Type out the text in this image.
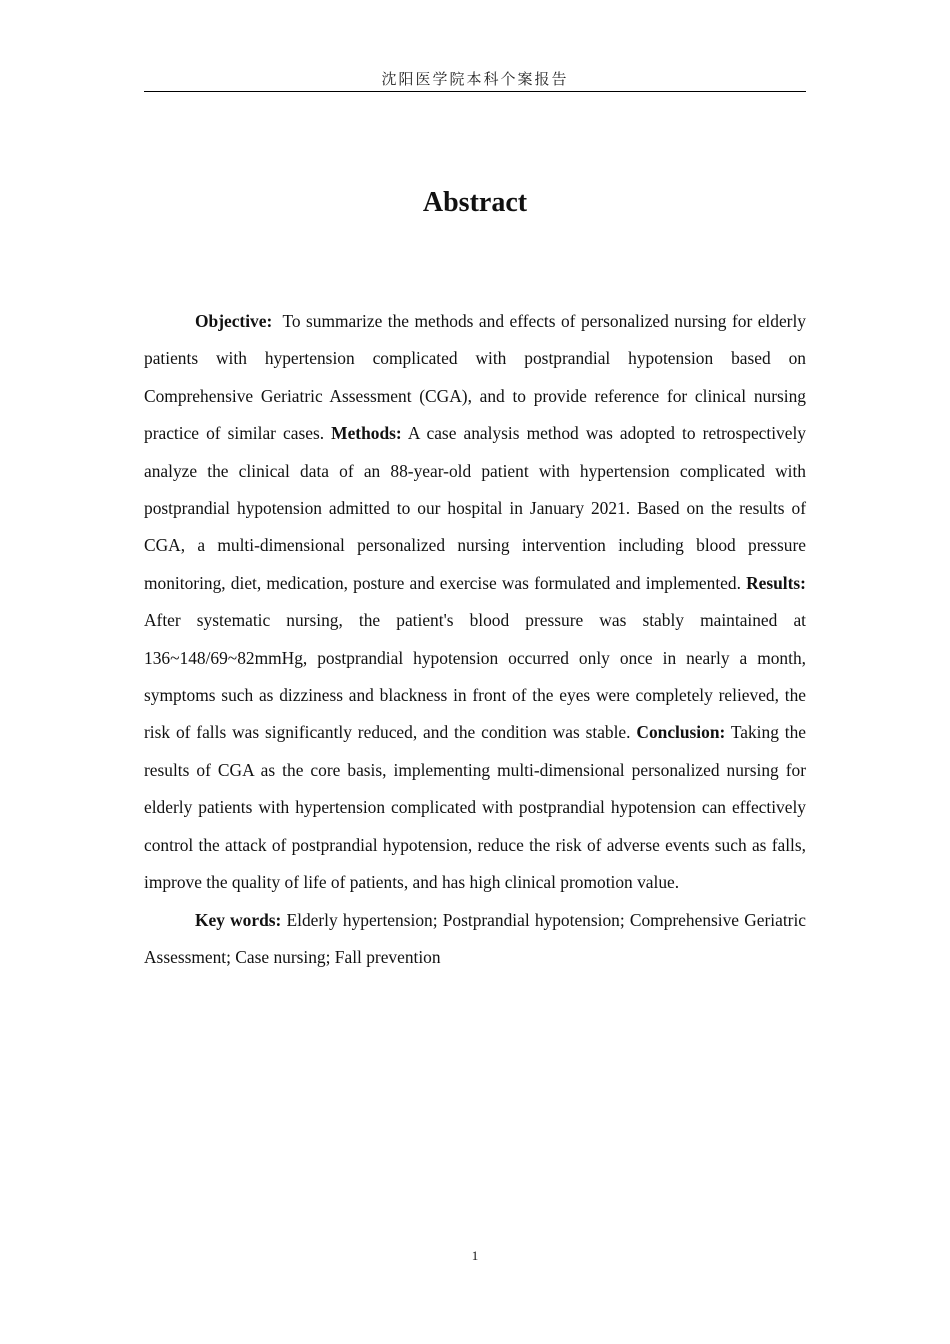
沈阳医学院本科个案报告
Abstract

Objective: To summarize the methods and effects of personalized nursing for elderly patients with hypertension complicated with postprandial hypotension based on Comprehensive Geriatric Assessment (CGA), and to provide reference for clinical nursing practice of similar cases. Methods: A case analysis method was adopted to retrospectively analyze the clinical data of an 88-year-old patient with hypertension complicated with postprandial hypotension admitted to our hospital in January 2021. Based on the results of CGA, a multi-dimensional personalized nursing intervention including blood pressure monitoring, diet, medication, posture and exercise was formulated and implemented. Results: After systematic nursing, the patient's blood pressure was stably maintained at 136~148/69~82mmHg, postprandial hypotension occurred only once in nearly a month, symptoms such as dizziness and blackness in front of the eyes were completely relieved, the risk of falls was significantly reduced, and the condition was stable. Conclusion: Taking the results of CGA as the core basis, implementing multi-dimensional personalized nursing for elderly patients with hypertension complicated with postprandial hypotension can effectively control the attack of postprandial hypotension, reduce the risk of adverse events such as falls, improve the quality of life of patients, and has high clinical promotion value.

Key words: Elderly hypertension; Postprandial hypotension; Comprehensive Geriatric Assessment; Case nursing; Fall prevention

1
